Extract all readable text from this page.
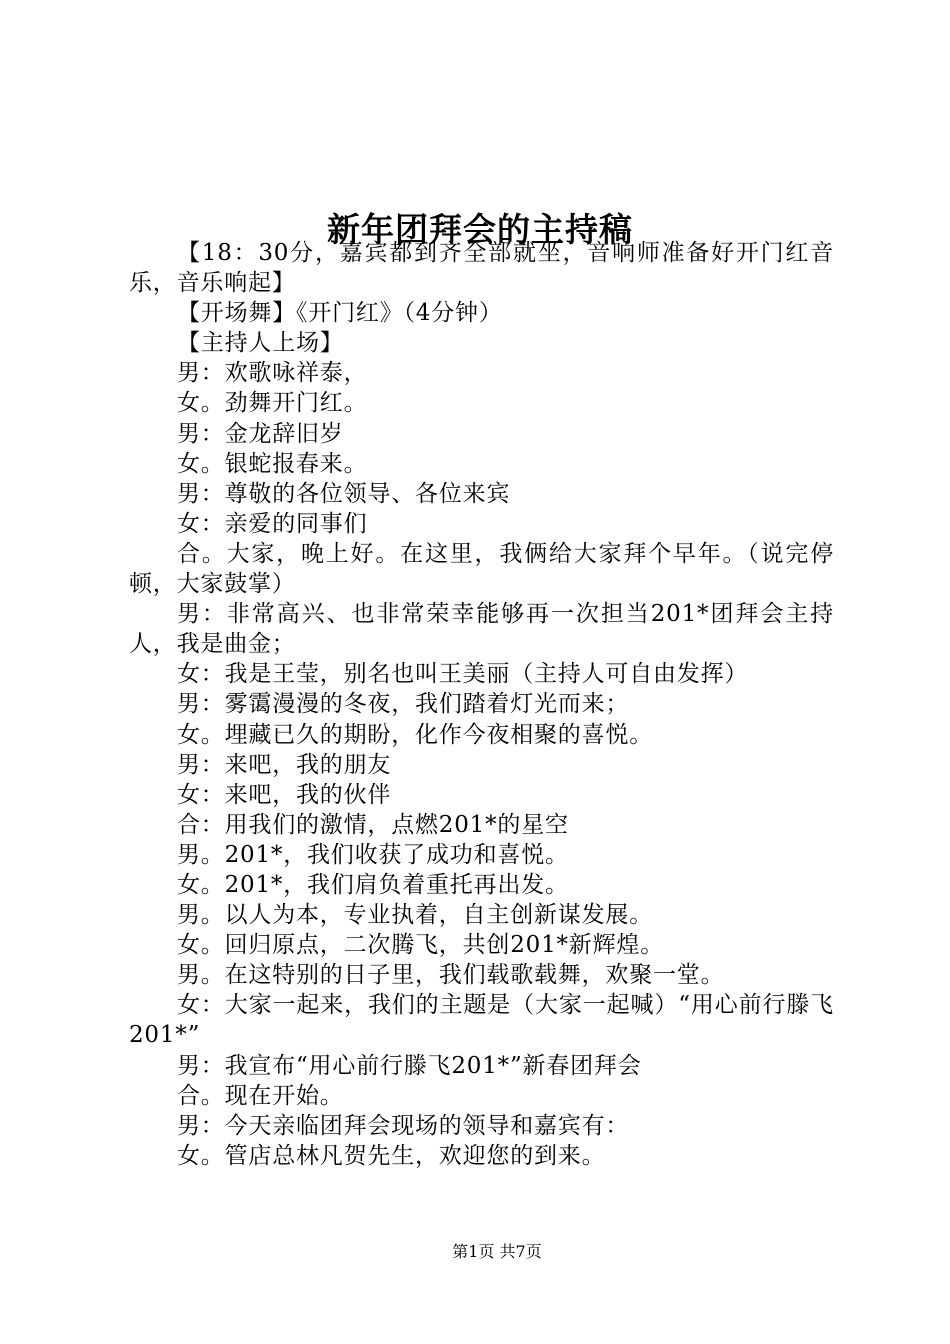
新年团拜会的主持稿

【18：30分，嘉宾都到齐全部就坐，音响师准备好开门红音乐，音乐响起】

【开场舞】《开门红》（4分钟）

【主持人上场】

男：欢歌咏祥泰，

女。劲舞开门红。

男：金龙辞旧岁

女。银蛇报春来。

男：尊敬的各位领导、各位来宾

女：亲爱的同事们

合。大家，晚上好。在这里，我俩给大家拜个早年。（说完停顿，大家鼓掌）

男：非常高兴、也非常荣幸能够再一次担当201*团拜会主持人，我是曲金；

女：我是王莹，别名也叫王美丽（主持人可自由发挥）

男：雾霭漫漫的冬夜，我们踏着灯光而来；

女。埋藏已久的期盼，化作今夜相聚的喜悦。

男：来吧，我的朋友

女：来吧，我的伙伴

合：用我们的激情，点燃201*的星空

男。201*，我们收获了成功和喜悦。

女。201*，我们肩负着重托再出发。

男。以人为本，专业执着，自主创新谋发展。

女。回归原点，二次腾飞，共创201*新辉煌。

男。在这特别的日子里，我们载歌载舞，欢聚一堂。

女：大家一起来，我们的主题是（大家一起喊）“用心前行滕飞201*”

男：我宣布“用心前行滕飞201*”新春团拜会

合。现在开始。

男：今天亲临团拜会现场的领导和嘉宾有：

女。管店总林凡贺先生，欢迎您的到来。

第1页 共7页
